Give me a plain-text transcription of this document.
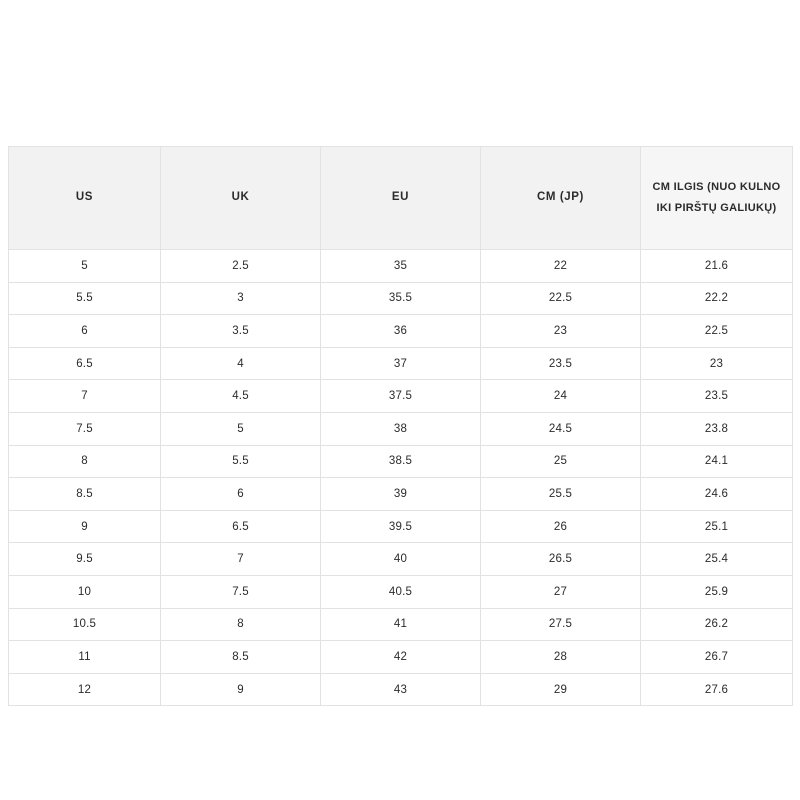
US	UK	EU	CM (JP)	CM ILGIS (NUO KULNO IKI PIRŠTŲ GALIUKŲ)
5	2.5	35	22	21.6
5.5	3	35.5	22.5	22.2
6	3.5	36	23	22.5
6.5	4	37	23.5	23
7	4.5	37.5	24	23.5
7.5	5	38	24.5	23.8
8	5.5	38.5	25	24.1
8.5	6	39	25.5	24.6
9	6.5	39.5	26	25.1
9.5	7	40	26.5	25.4
10	7.5	40.5	27	25.9
10.5	8	41	27.5	26.2
11	8.5	42	28	26.7
12	9	43	29	27.6
